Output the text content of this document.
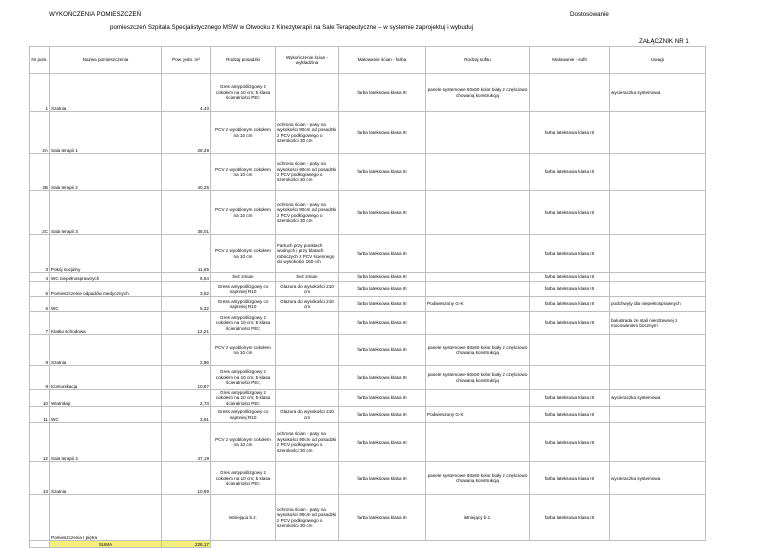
WYKOŃCZENIA POMIESZCZEŃ	Dostosowanie
pomieszczeń Szpitala Specjalistycznego MSW w Otwocku z Kinezyterapii na Sale Terapeutyczne – w systemie zaprojektuj i wybuduj
ZAŁĄCZNIK NR 1
Nr pom.	Nazwa pomieszczenia	Pow. jedn. m²	Rodzaj posadzki	Wykończenie ścian - wykładzina	Malowanie ścian - farba	Rodzaj sufitu	Malowanie - sufit	Uwagi
1	Szatnia	4,43	Gres antypoślizgowy z cokołem na 10 cm; 5 klasa ścieralności PEI;		farba lateksowa klasa III	panele systemowe 60x60 kolor biały z częściowo chowaną konstrukcją		wycieraczka systemowa
2A	Sala terapii 1	29,29	PCV z wyoblonym cokołem na 10 cm	ochrona ścian - pasy na wysokości 90cm od posadzki z PCV podłogowego o szerokości 30 cm	farba lateksowa klasa III		farba lateksowa klasa III	
2B	Sala terapii 2	40,25	PCV z wyoblonym cokołem na 10 cm	ochrona ścian - pasy na wysokości 90cm od posadzki z PCV podłogowego o szerokości 30 cm	farba lateksowa klasa III		farba lateksowa klasa III	
2C	Sala terapii 3	35,01	PCV z wyoblonym cokołem na 10 cm	ochrona ścian - pasy na wysokości 90cm od posadzki z PCV podłogowego o szerokości 30 cm	farba lateksowa klasa III		farba lateksowa klasa III	
3	Pokój socjalny	11,65	PCV z wyoblonym cokołem na 10 cm	Fartuch przy punktach wodnych i przy blatach roboczych z PCV ściennego do wysokości 160 cm	farba lateksowa klasa III		farba lateksowa klasa III	
4	WC niepełnosprawnych	6,54	bez zmian	bez zmian	farba lateksowa klasa III		farba lateksowa klasa III	
5	Pomieszczenie odpadów medycznych	3,52	Gress antypoślizgowy co najmniej R10	Glazura do wysokości 210 cm	farba lateksowa klasa III		farba lateksowa klasa III	
6	WC	5,22	Gress antypoślizgowy co najmniej R10	Glazura do wysokości 210 cm	farba lateksowa klasa III	Podwieszony G-K	farba lateksowa klasa III	podchwyty dla niepełnosprawnych
7	Klatka schodowa	12,21	Gres antypoślizgowy z cokołem na 10 cm; 5 klasa ścieralności PEI;		farba lateksowa klasa III		farba lateksowa klasa III	balustrada ze stali nierdzewnej z mocowaniem bocznym
8	Szatnia	2,96	PCV z wyoblonym cokołem na 10 cm		farba lateksowa klasa III	panele systemowe 60x60 kolor biały z częściowo chowaną konstrukcją		
9	Komunikacja	10,67	Gres antypoślizgowy z cokołem na 10 cm; 5 klasa ścieralności PEI;		farba lateksowa klasa III	panele systemowe 60x60 kolor biały z częściowo chowaną konstrukcją		
10	Wiatrołap	2,73	Gres antypoślizgowy z cokołem na 10 cm; 5 klasa ścieralności PEI;		farba lateksowa klasa III		farba lateksowa klasa III	wycieraczka systemowa
11	WC	3,61	Gress antypoślizgowy co najmniej R10	Glazura do wysokości 210 cm	farba lateksowa klasa III	Podwieszony G-K	farba lateksowa klasa III	
12	Sala terapii 4	47,19	PCV z wyoblonym cokołem na 10 cm	ochrona ścian - pasy na wysokości 90cm od posadzki z PCV podłogowego o szerokości 30 cm	farba lateksowa klasa III		farba lateksowa klasa III	
13	Szatnia	10,89	Gres antypoślizgowy z cokołem na 10 cm; 5 klasa ścieralności PEI;		farba lateksowa klasa III	panele systemowe 60x60 kolor biały z częściowo chowaną konstrukcją	farba lateksowa klasa III	wycieraczka systemowa
	Pomieszczenia I piętra		istniejąca b.z.	ochrona ścian - pasy na wysokości 90cm od posadzki z PCV podłogowego o szerokości 30 cm	farba lateksowa klasa III	istniejący b.z.	farba lateksowa klasa III	
	SUMA	226,17						
